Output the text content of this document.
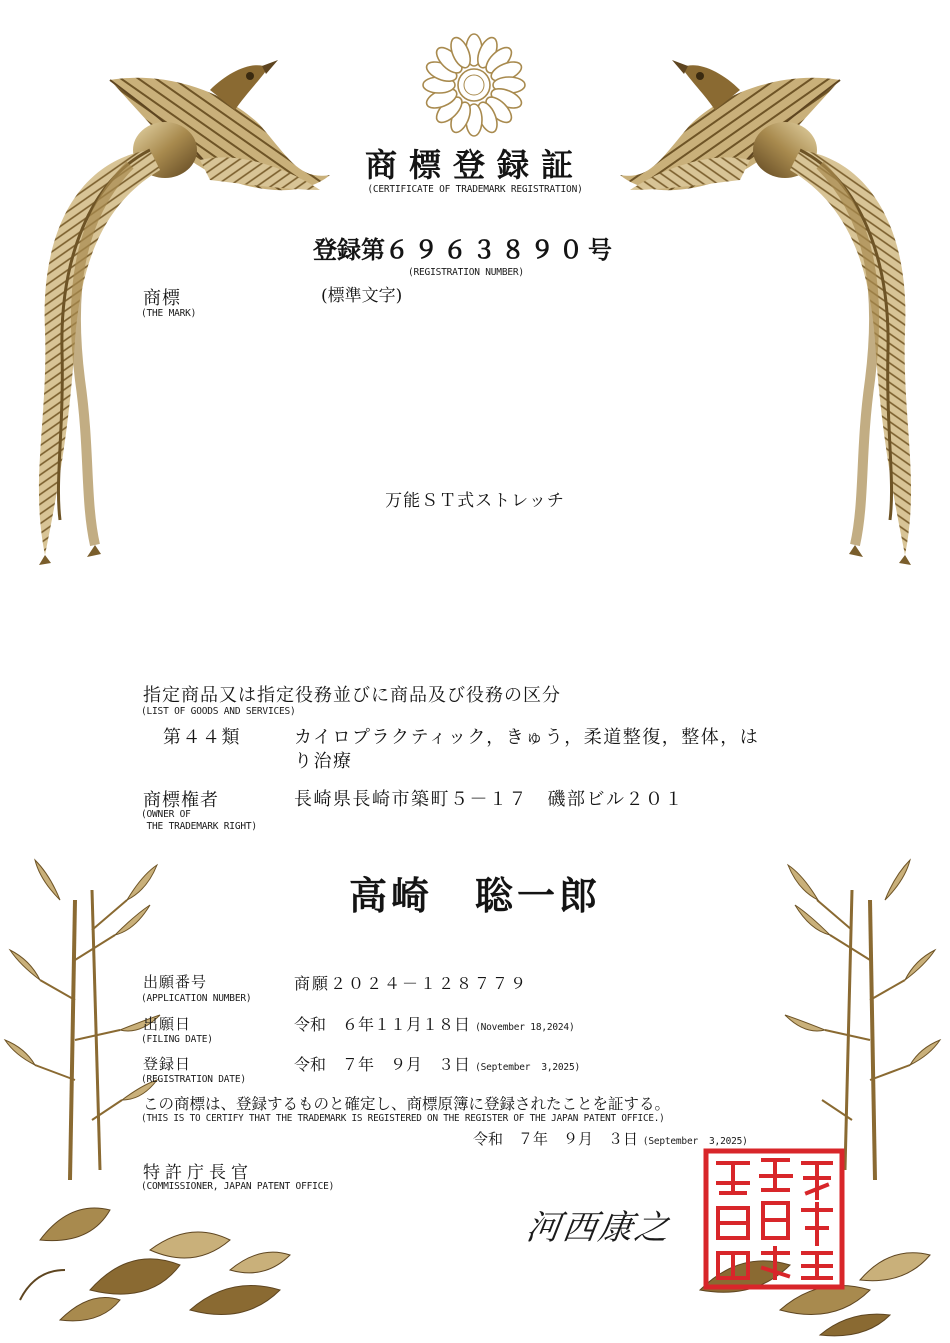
商標登録証
(CERTIFICATE OF TRADEMARK REGISTRATION)
登録第６９６３８９０号
(REGISTRATION NUMBER)
商標
(THE MARK)
(標準文字)
万能ＳＴ式ストレッチ
指定商品又は指定役務並びに商品及び役務の区分
(LIST OF GOODS AND SERVICES)
第４４類	カイロプラクティック，きゅう，柔道整復，整体，は
り治療
商標権者
(OWNER OF
THE TRADEMARK RIGHT)
長崎県長崎市築町５－１７　磯部ビル２０１
高崎　聡一郎
出願番号
(APPLICATION NUMBER)
商願２０２４－１２８７７９
出願日
(FILING DATE)
令和　６年１１月１８日 (November 18,2024)
登録日
(REGISTRATION DATE)
令和　７年　９月　３日 (September  3,2025)
この商標は、登録するものと確定し、商標原簿に登録されたことを証する。
(THIS IS TO CERTIFY THAT THE TRADEMARK IS REGISTERED ON THE REGISTER OF THE JAPAN PATENT OFFICE.)
令和　７年　９月　３日 (September  3,2025)
特許庁長官
(COMMISSIONER, JAPAN PATENT OFFICE)
河西康之
